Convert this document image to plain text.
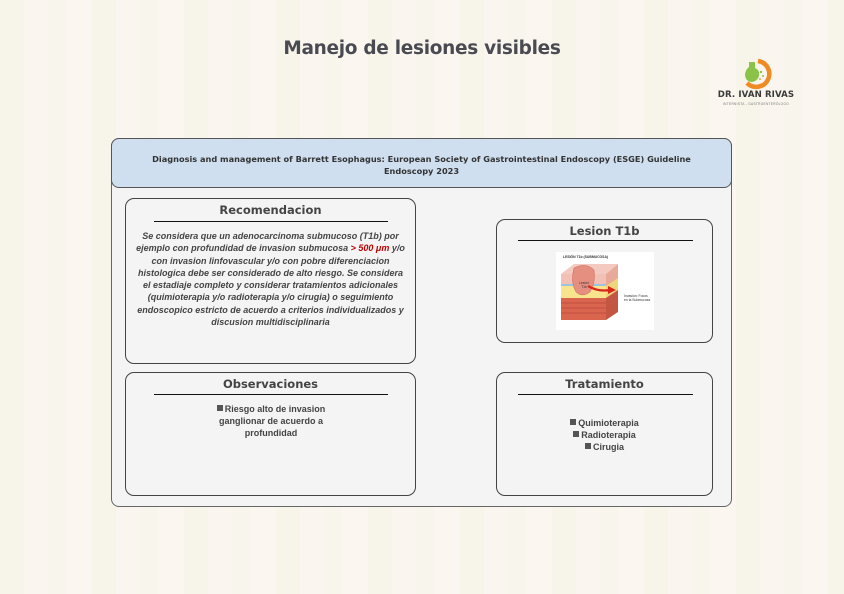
Manejo de lesiones visibles
DR. IVAN RIVAS
INTERNISTA - GASTROENTERÓLOGO
Diagnosis and management of Barrett Esophagus: European Society of Gastrointestinal Endoscopy (ESGE) Guideline
Endoscopy 2023
Recomendacion
Se considera que un adenocarcinoma submucoso (T1b) por ejemplo con profundidad de invasion submucosa > 500 μm y/o con invasion linfovascular y/o con pobre diferenciacion histologica debe ser considerado de alto riesgo. Se considera el estadiaje completo y considerar tratamientos adicionales (quimioterapia y/o radioterapia y/o cirugia) o seguimiento endoscopico estricto de acuerdo a criterios individualizados y discusion multidisciplinaria
Lesion T1b
LESIÓN T1b (SUBMUCOSA)
Lesión T1b
Invasión: Focos en la Submucosa
Observaciones
Riesgo alto de invasion ganglionar de acuerdo a profundidad
Tratamiento
Quimioterapia
Radioterapia
Cirugia
